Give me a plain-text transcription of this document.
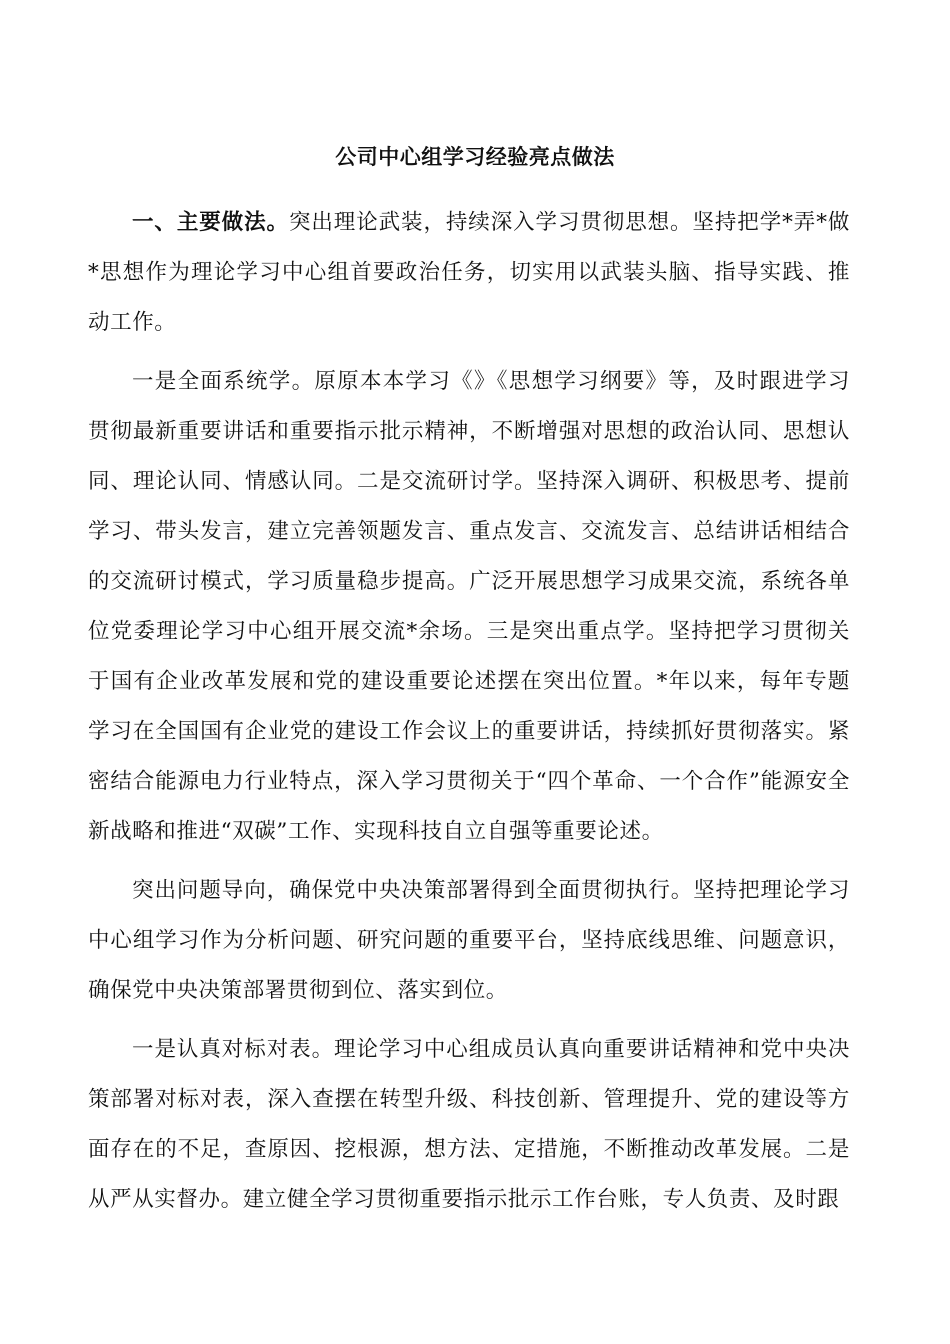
公司中心组学习经验亮点做法

一、主要做法。突出理论武装，持续深入学习贯彻思想。坚持把学*弄*做*思想作为理论学习中心组首要政治任务，切实用以武装头脑、指导实践、推动工作。

一是全面系统学。原原本本学习《》《思想学习纲要》等，及时跟进学习贯彻最新重要讲话和重要指示批示精神，不断增强对思想的政治认同、思想认同、理论认同、情感认同。二是交流研讨学。坚持深入调研、积极思考、提前学习、带头发言，建立完善领题发言、重点发言、交流发言、总结讲话相结合的交流研讨模式，学习质量稳步提高。广泛开展思想学习成果交流，系统各单位党委理论学习中心组开展交流*余场。三是突出重点学。坚持把学习贯彻关于国有企业改革发展和党的建设重要论述摆在突出位置。*年以来，每年专题学习在全国国有企业党的建设工作会议上的重要讲话，持续抓好贯彻落实。紧密结合能源电力行业特点，深入学习贯彻关于“四个革命、一个合作”能源安全新战略和推进“双碳”工作、实现科技自立自强等重要论述。

突出问题导向，确保党中央决策部署得到全面贯彻执行。坚持把理论学习中心组学习作为分析问题、研究问题的重要平台，坚持底线思维、问题意识，确保党中央决策部署贯彻到位、落实到位。

一是认真对标对表。理论学习中心组成员认真向重要讲话精神和党中央决策部署对标对表，深入查摆在转型升级、科技创新、管理提升、党的建设等方面存在的不足，查原因、挖根源，想方法、定措施，不断推动改革发展。二是从严从实督办。建立健全学习贯彻重要指示批示工作台账，专人负责、及时跟
